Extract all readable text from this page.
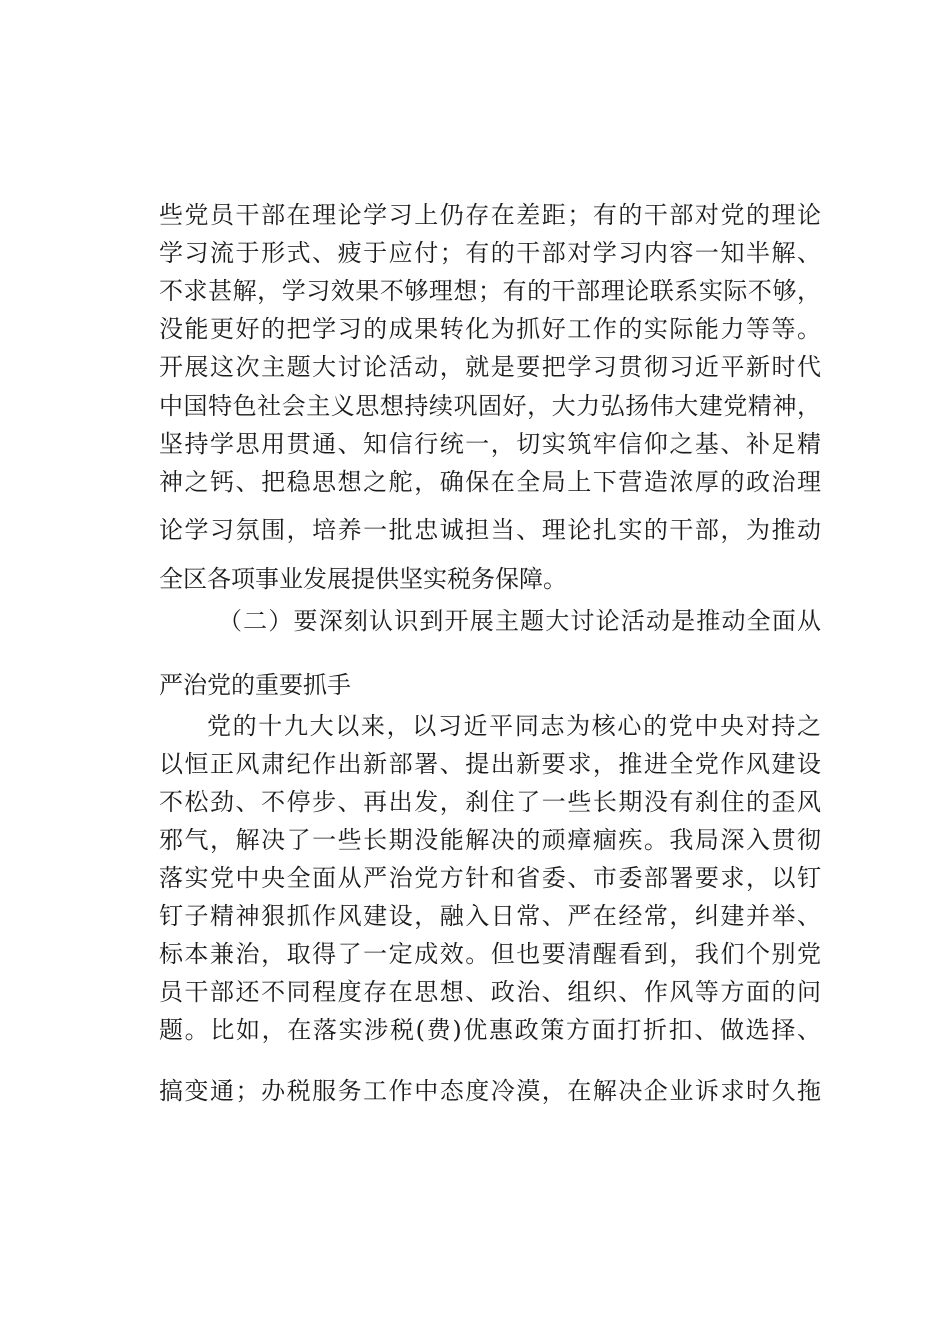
些党员干部在理论学习上仍存在差距；有的干部对党的理论
学习流于形式、疲于应付；有的干部对学习内容一知半解、
不求甚解，学习效果不够理想；有的干部理论联系实际不够，
没能更好的把学习的成果转化为抓好工作的实际能力等等。
开展这次主题大讨论活动，就是要把学习贯彻习近平新时代
中国特色社会主义思想持续巩固好，大力弘扬伟大建党精神，
坚持学思用贯通、知信行统一，切实筑牢信仰之基、补足精
神之钙、把稳思想之舵，确保在全局上下营造浓厚的政治理
论学习氛围，培养一批忠诚担当、理论扎实的干部，为推动
全区各项事业发展提供坚实税务保障。
（二）要深刻认识到开展主题大讨论活动是推动全面从
严治党的重要抓手
党的十九大以来，以习近平同志为核心的党中央对持之
以恒正风肃纪作出新部署、提出新要求，推进全党作风建设
不松劲、不停步、再出发，刹住了一些长期没有刹住的歪风
邪气，解决了一些长期没能解决的顽瘴痼疾。我局深入贯彻
落实党中央全面从严治党方针和省委、市委部署要求，以钉
钉子精神狠抓作风建设，融入日常、严在经常，纠建并举、
标本兼治，取得了一定成效。但也要清醒看到，我们个别党
员干部还不同程度存在思想、政治、组织、作风等方面的问
题。比如，在落实涉税(费)优惠政策方面打折扣、做选择、
搞变通；办税服务工作中态度冷漠，在解决企业诉求时久拖
